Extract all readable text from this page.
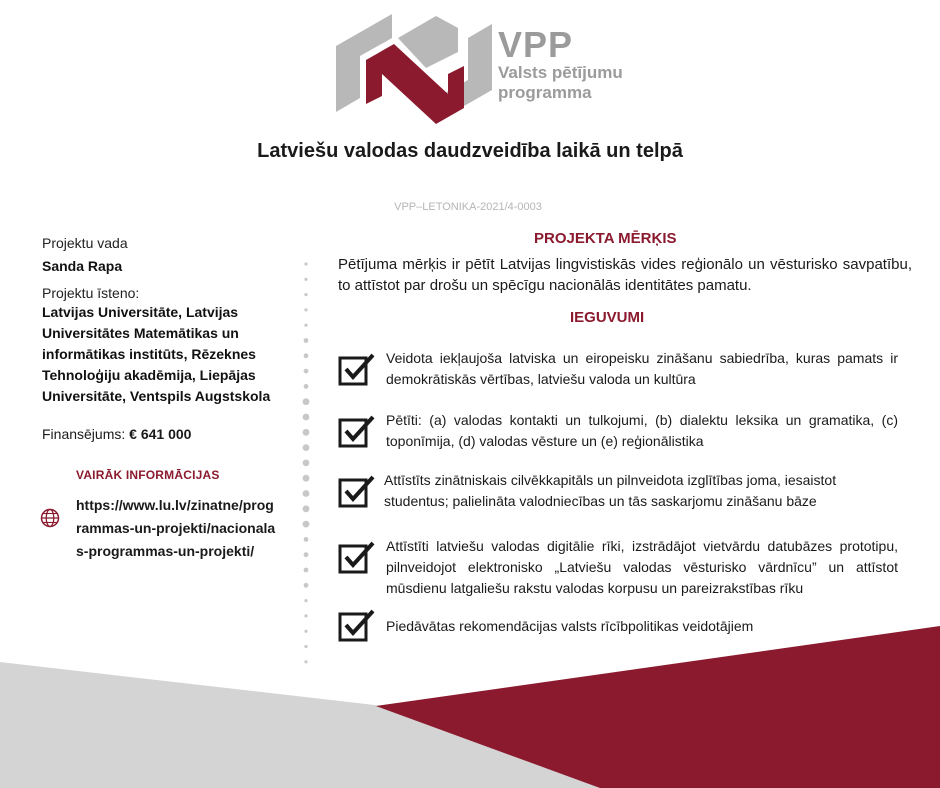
VPP
Valsts pētījumu
programma
Latviešu valodas daudzveidība laikā un telpā
VPP–LETONIKA-2021/4-0003
Projektu vada
Sanda Rapa
Projektu īsteno:
Latvijas Universitāte, Latvijas Universitātes Matemātikas un informātikas institūts, Rēzeknes Tehnoloģiju akadēmija, Liepājas Universitāte, Ventspils Augstskola
Finansējums: € 641 000
VAIRĀK INFORMĀCIJAS
https://www.lu.lv/zinatne/programmas-un-projekti/nacionalas-programmas-un-projekti/
PROJEKTA MĒRĶIS
Pētījuma mērķis ir pētīt Latvijas lingvistiskās vides reģionālo un vēsturisko savpatību, to attīstot par drošu un spēcīgu nacionālās identitātes pamatu.
IEGUVUMI
Veidota iekļaujoša latviska un eiropeisku zināšanu sabiedrība, kuras pamats ir demokrātiskās vērtības, latviešu valoda un kultūra
Pētīti: (a) valodas kontakti un tulkojumi, (b) dialektu leksika un gramatika, (c) toponīmija, (d) valodas vēsture un (e) reģionālistika
Attīstīts zinātniskais cilvēkkapitāls un pilnveidota izglītības joma, iesaistot studentus; palielināta valodniecības un tās saskarjomu zināšanu bāze
Attīstīti latviešu valodas digitālie rīki, izstrādājot vietvārdu datubāzes prototipu, pilnveidojot elektronisko „Latviešu valodas vēsturisko vārdnīcu” un attīstot mūsdienu latgaliešu rakstu valodas korpusu un pareizrakstības rīku
Piedāvātas rekomendācijas valsts rīcībpolitikas veidotājiem
